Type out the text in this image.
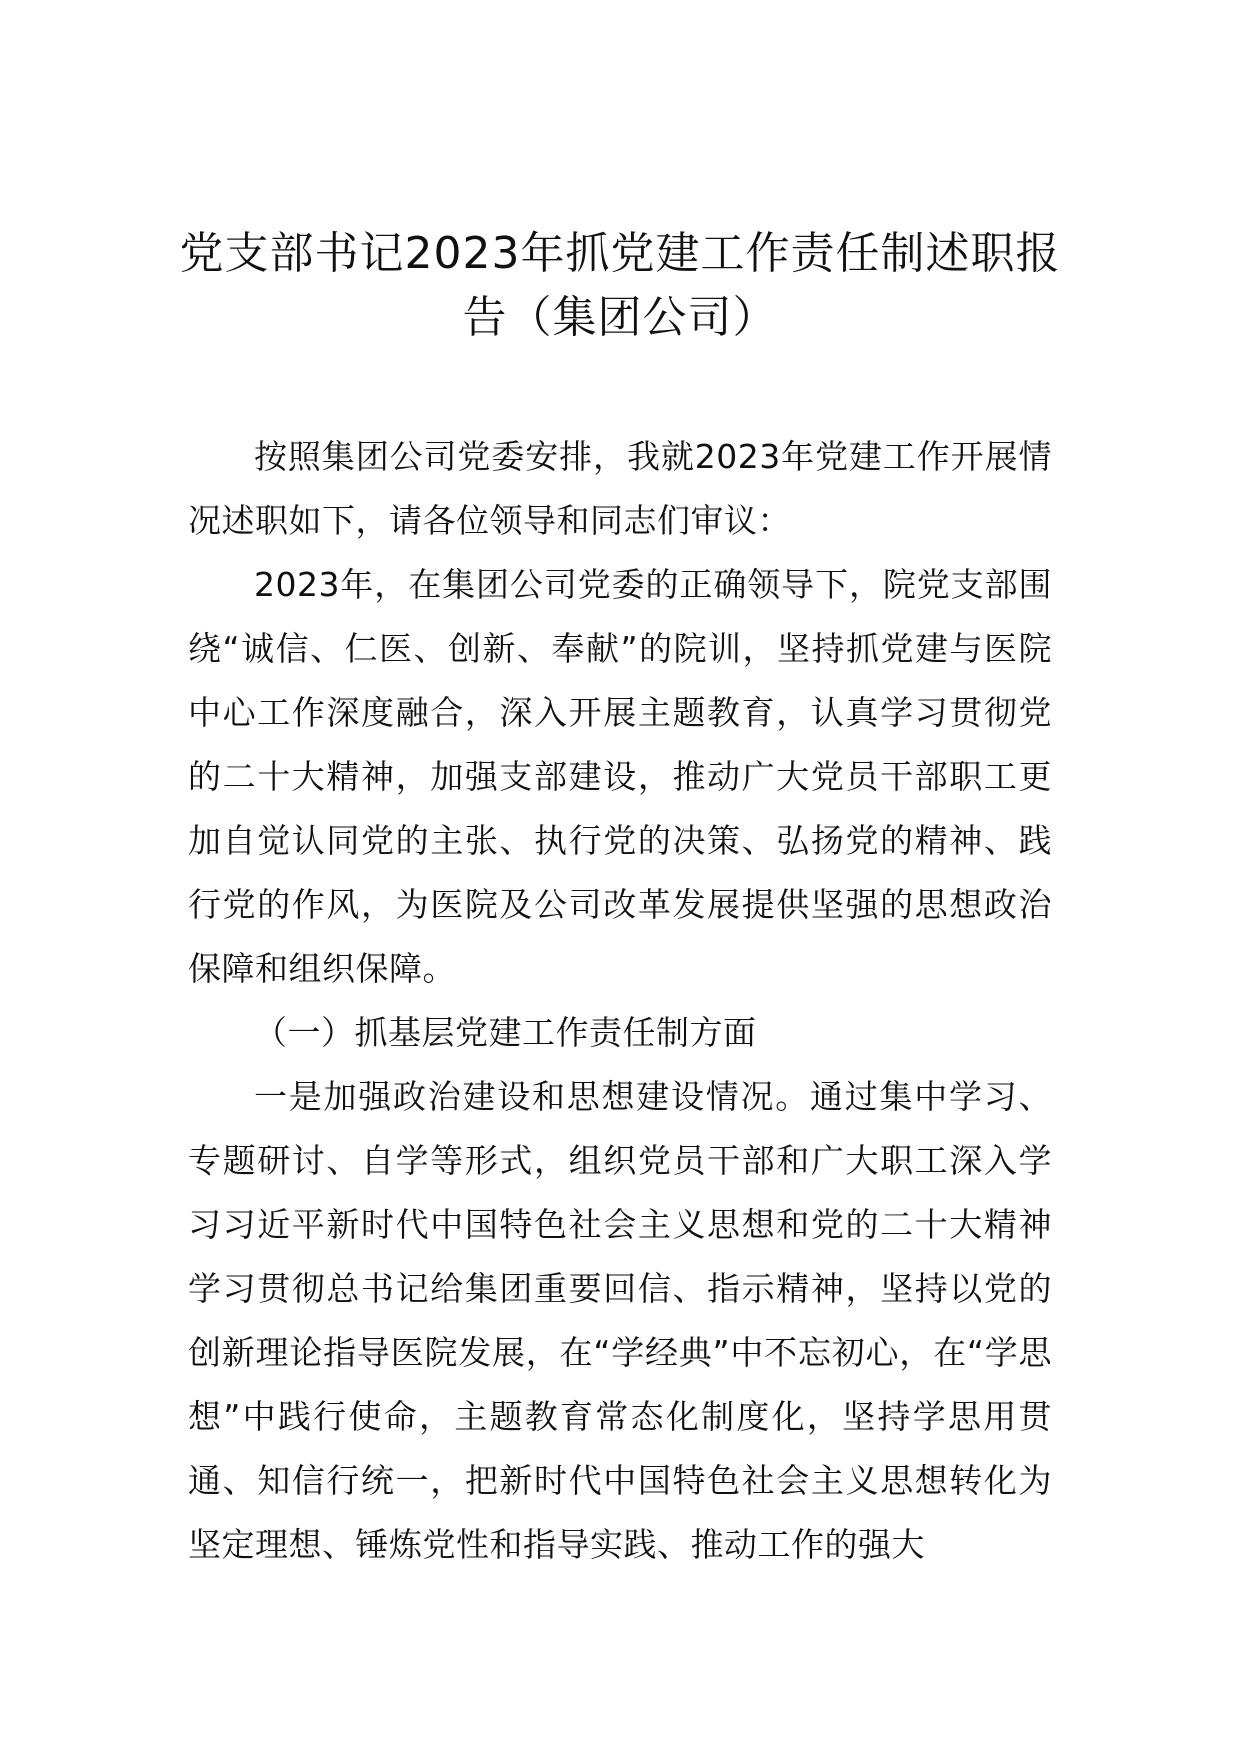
党支部书记2023年抓党建工作责任制述职报告（集团公司）

按照集团公司党委安排，我就2023年党建工作开展情况述职如下，请各位领导和同志们审议：

2023年，在集团公司党委的正确领导下，院党支部围绕“诚信、仁医、创新、奉献”的院训，坚持抓党建与医院中心工作深度融合，深入开展主题教育，认真学习贯彻党的二十大精神，加强支部建设，推动广大党员干部职工更加自觉认同党的主张、执行党的决策、弘扬党的精神、践行党的作风，为医院及公司改革发展提供坚强的思想政治保障和组织保障。

（一）抓基层党建工作责任制方面

一是加强政治建设和思想建设情况。通过集中学习、专题研讨、自学等形式，组织党员干部和广大职工深入学习习近平新时代中国特色社会主义思想和党的二十大精神学习贯彻总书记给集团重要回信、指示精神，坚持以党的创新理论指导医院发展，在“学经典”中不忘初心，在“学思想”中践行使命，主题教育常态化制度化，坚持学思用贯通、知信行统一，把新时代中国特色社会主义思想转化为坚定理想、锤炼党性和指导实践、推动工作的强大
